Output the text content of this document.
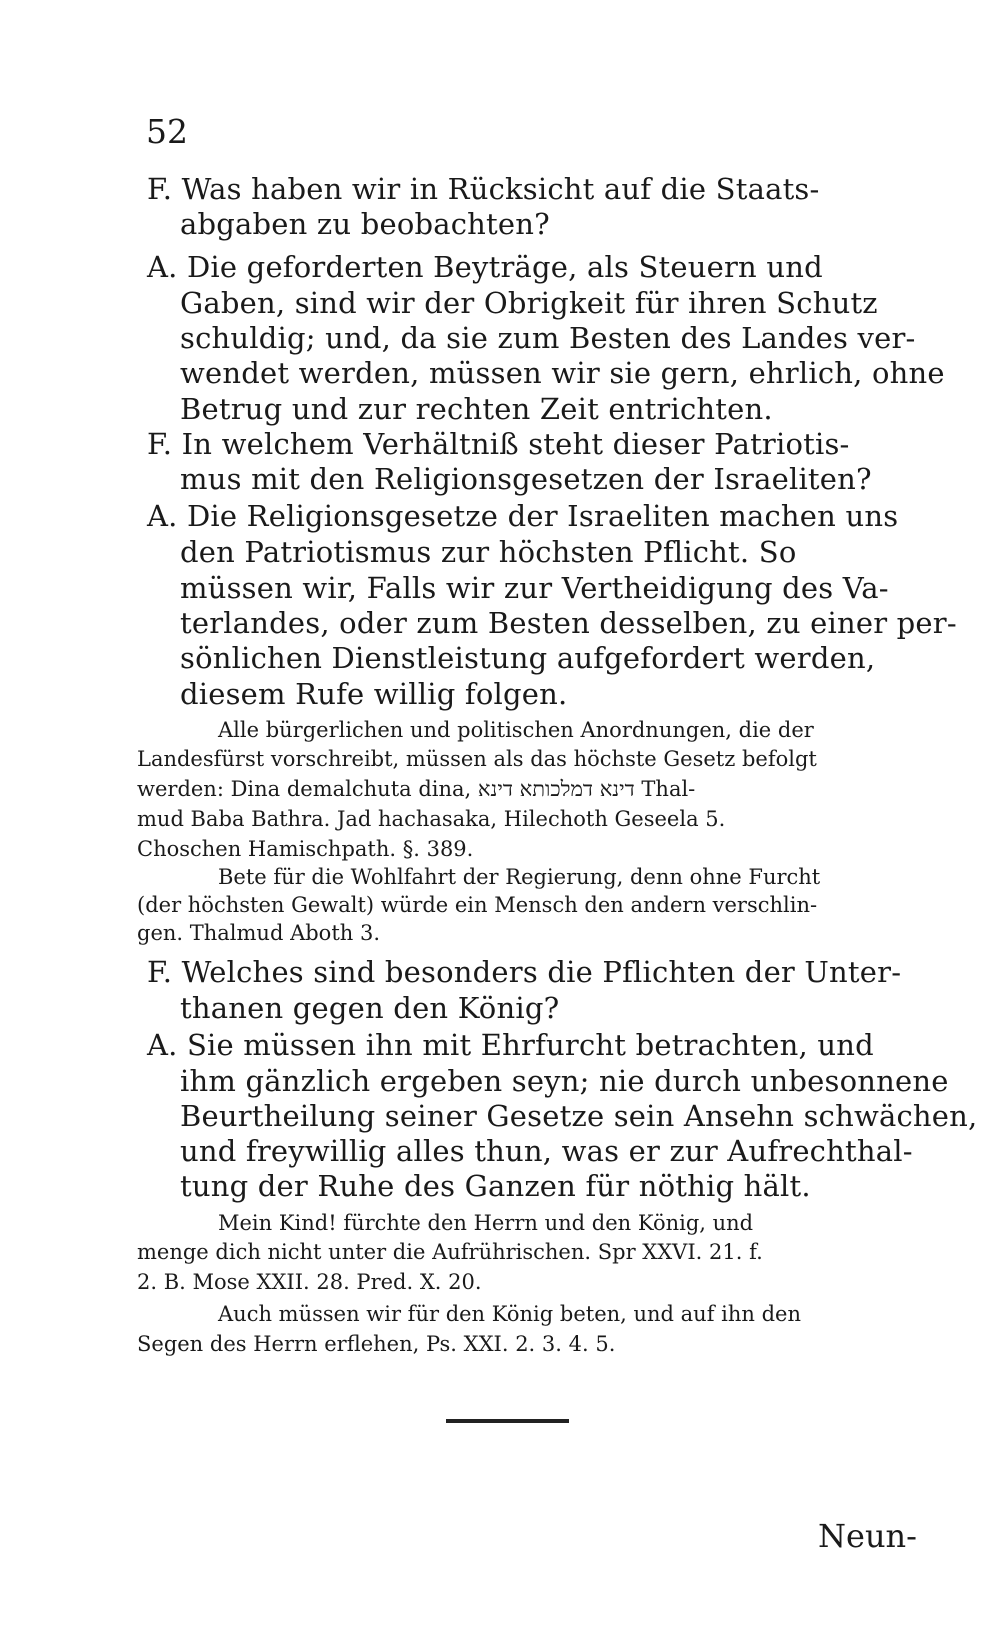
52
F. Was haben wir in Rücksicht auf die Staats-
abgaben zu beobachten?
A. Die geforderten Beyträge, als Steuern und
Gaben, sind wir der Obrigkeit für ihren Schutz
schuldig; und, da sie zum Besten des Landes ver-
wendet werden, müssen wir sie gern, ehrlich, ohne
Betrug und zur rechten Zeit entrichten.
F. In welchem Verhältniß steht dieser Patriotis-
mus mit den Religionsgesetzen der Israeliten?
A. Die Religionsgesetze der Israeliten machen uns
den Patriotismus zur höchsten Pflicht. So
müssen wir, Falls wir zur Vertheidigung des Va-
terlandes, oder zum Besten desselben, zu einer per-
sönlichen Dienstleistung aufgefordert werden,
diesem Rufe willig folgen.
Alle bürgerlichen und politischen Anordnungen, die der
Landesfürst vorschreibt, müssen als das höchste Gesetz befolgt
werden: Dina demalchuta dina, דינא דמלכותא דינא Thal-
mud Baba Bathra. Jad hachasaka, Hilechoth Geseela 5.
Choschen Hamischpath. §. 389.
Bete für die Wohlfahrt der Regierung, denn ohne Furcht
(der höchsten Gewalt) würde ein Mensch den andern verschlin-
gen. Thalmud Aboth 3.
F. Welches sind besonders die Pflichten der Unter-
thanen gegen den König?
A. Sie müssen ihn mit Ehrfurcht betrachten, und
ihm gänzlich ergeben seyn; nie durch unbesonnene
Beurtheilung seiner Gesetze sein Ansehn schwächen,
und freywillig alles thun, was er zur Aufrechthal-
tung der Ruhe des Ganzen für nöthig hält.
Mein Kind! fürchte den Herrn und den König, und
menge dich nicht unter die Aufrührischen. Spr XXVI. 21. f.
2. B. Mose XXII. 28. Pred. X. 20.
Auch müssen wir für den König beten, und auf ihn den
Segen des Herrn erflehen, Ps. XXI. 2. 3. 4. 5.
Neun-
